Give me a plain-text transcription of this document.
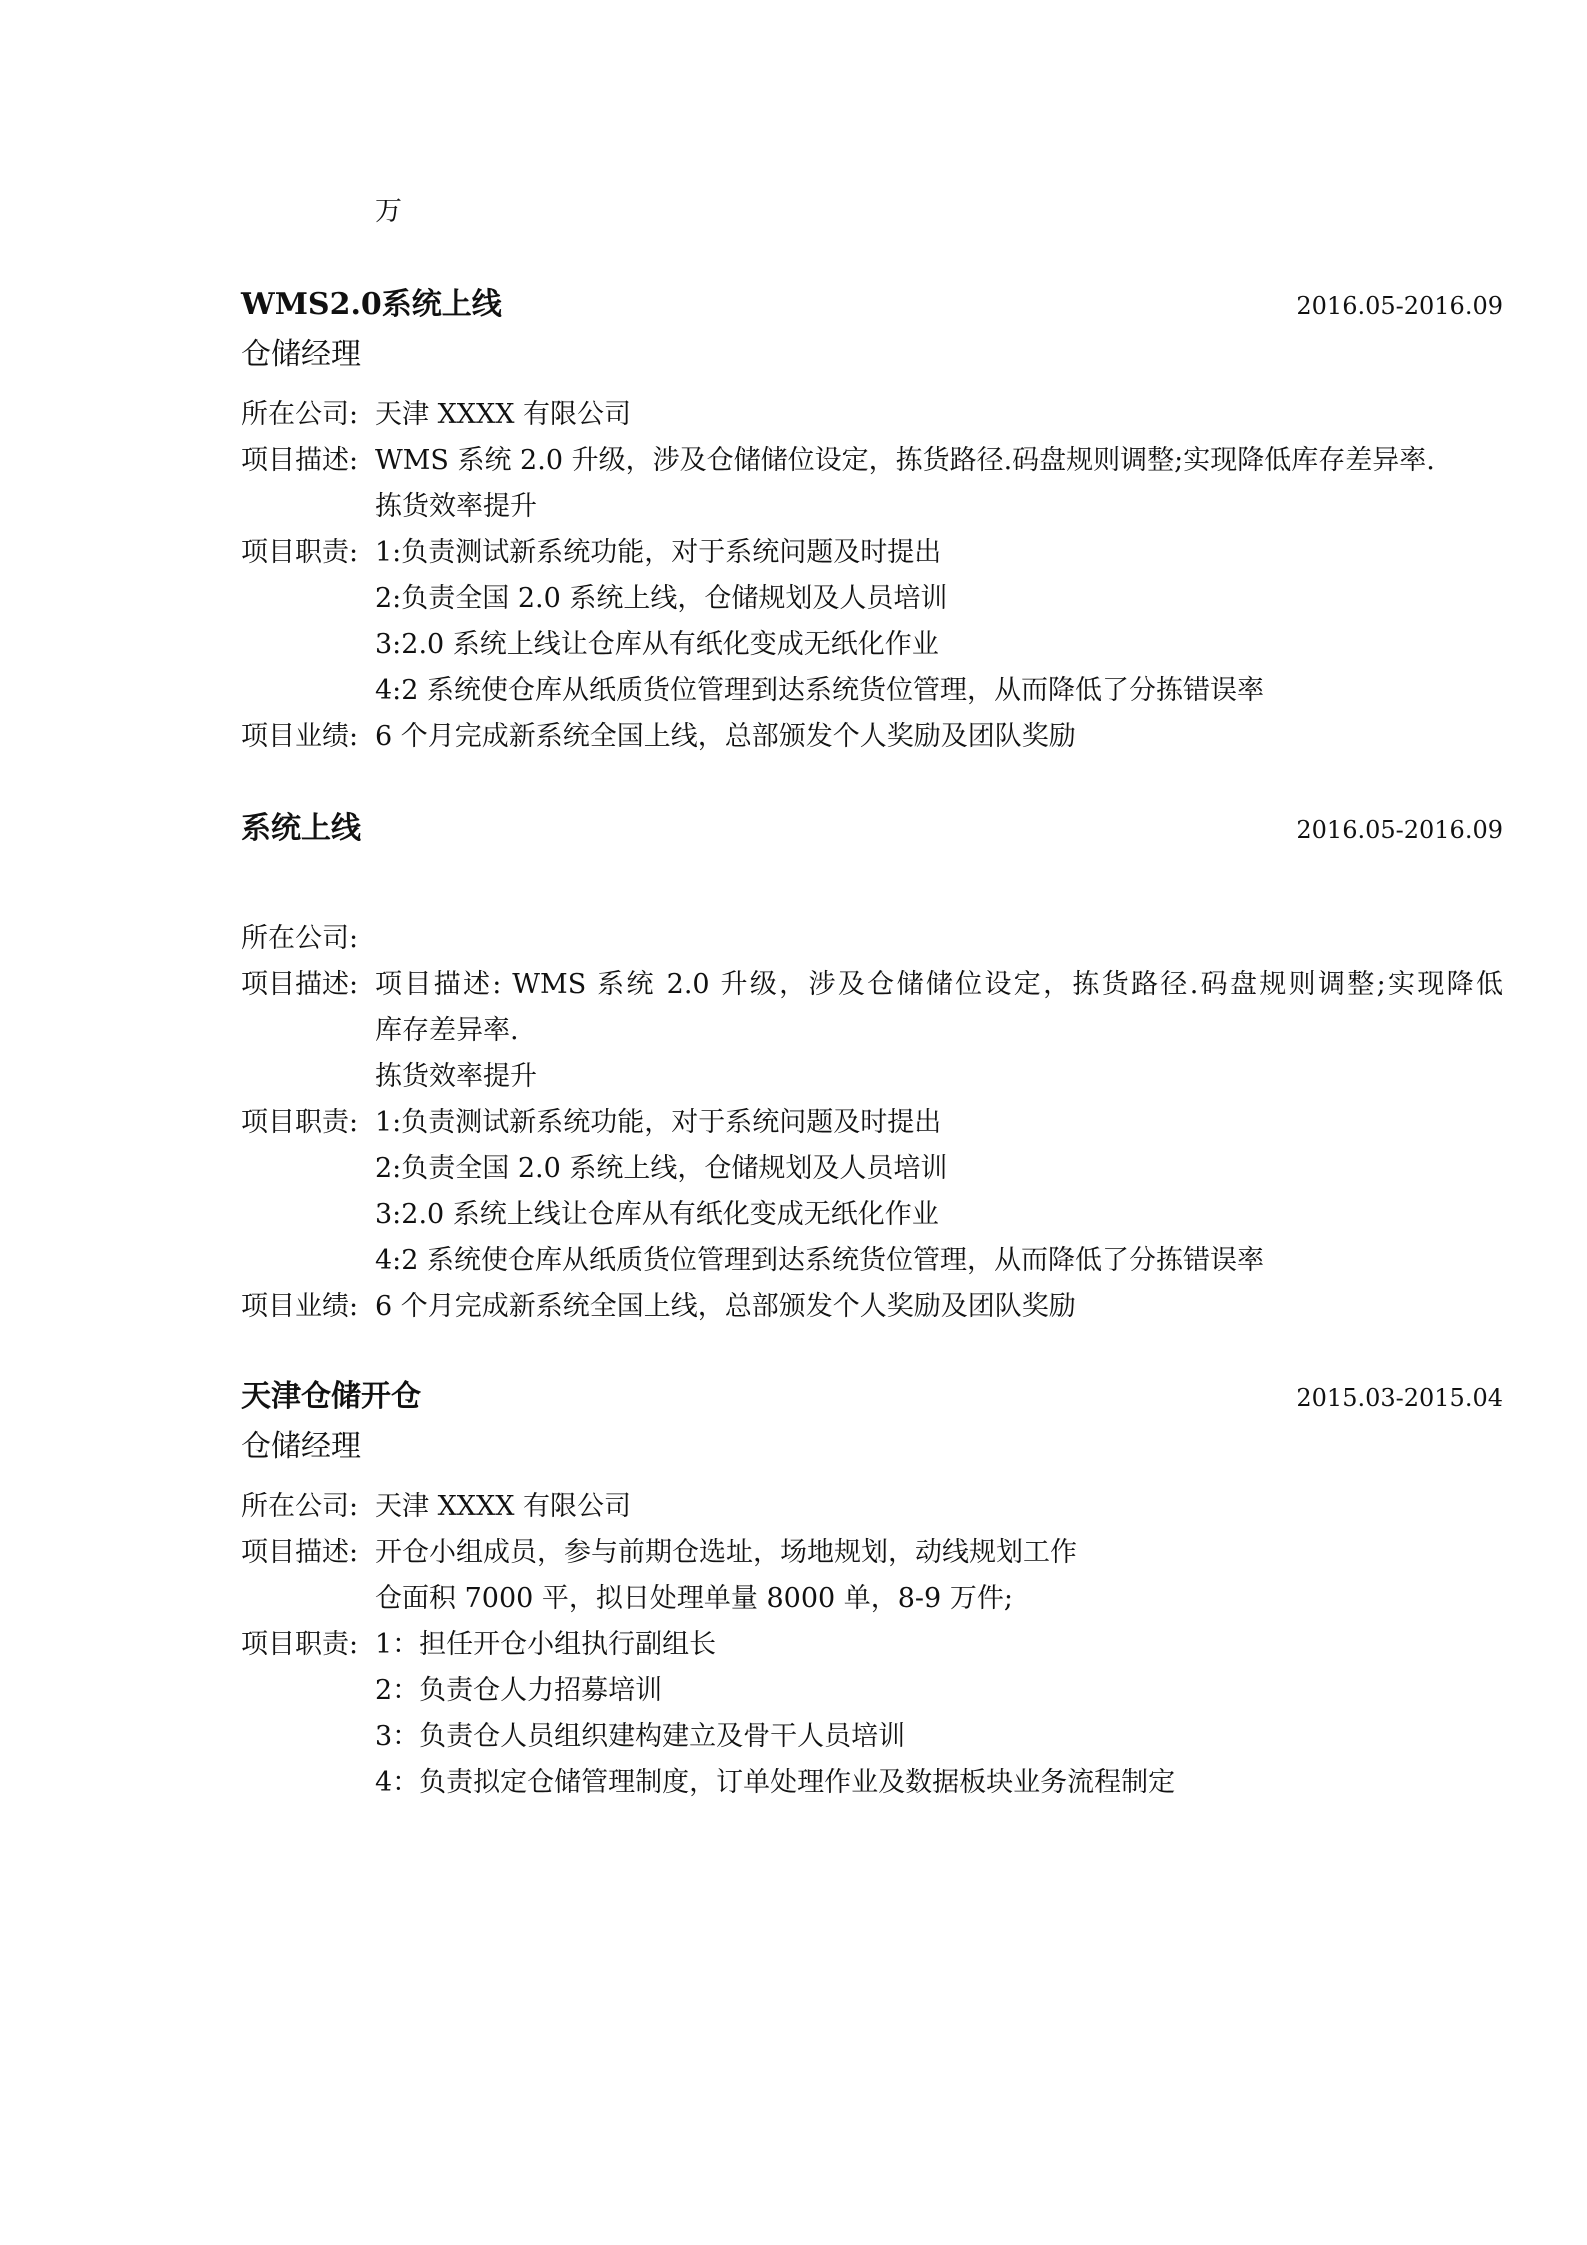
万
WMS2.0系统上线	2016.05-2016.09
仓储经理
所在公司: 天津 XXXX 有限公司
项目描述: WMS 系统 2.0 升级，涉及仓储储位设定，拣货路径.码盘规则调整;实现降低库存差异率.
拣货效率提升
项目职责: 1:负责测试新系统功能，对于系统问题及时提出
2:负责全国 2.0 系统上线，仓储规划及人员培训
3:2.0 系统上线让仓库从有纸化变成无纸化作业
4:2 系统使仓库从纸质货位管理到达系统货位管理，从而降低了分拣错误率
项目业绩: 6 个月完成新系统全国上线，总部颁发个人奖励及团队奖励
系统上线	2016.05-2016.09
所在公司:
项目描述: 项目描述: WMS 系统 2.0 升级，涉及仓储储位设定，拣货路径.码盘规则调整;实现降低
库存差异率.
拣货效率提升
项目职责: 1:负责测试新系统功能，对于系统问题及时提出
2:负责全国 2.0 系统上线，仓储规划及人员培训
3:2.0 系统上线让仓库从有纸化变成无纸化作业
4:2 系统使仓库从纸质货位管理到达系统货位管理，从而降低了分拣错误率
项目业绩: 6 个月完成新系统全国上线，总部颁发个人奖励及团队奖励
天津仓储开仓	2015.03-2015.04
仓储经理
所在公司: 天津 XXXX 有限公司
项目描述: 开仓小组成员，参与前期仓选址，场地规划，动线规划工作
仓面积 7000 平，拟日处理单量 8000 单，8-9 万件;
项目职责: 1：担任开仓小组执行副组长
2：负责仓人力招募培训
3：负责仓人员组织建构建立及骨干人员培训
4：负责拟定仓储管理制度，订单处理作业及数据板块业务流程制定
